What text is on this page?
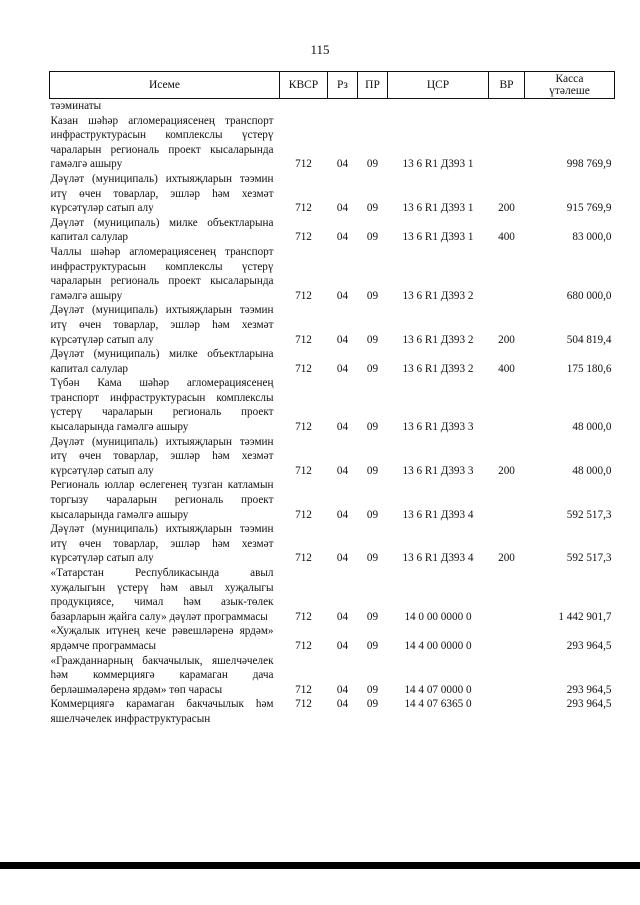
115
Исеме	КВСР	Рз	ПР	ЦСР	ВР	Касса
үтәлеше

тәэминаты						
Казан шәһәр агломерациясенең транспорт инфраструктурасын комплекслы үстерү чараларын региональ проект кысаларында гамәлгә ашыру	712	04	09	13 6 R1 Д393 1		998 769,9
Дәүләт (муниципаль) ихтыяҗларын тәэмин итү өчен товарлар, эшләр һәм хезмәт күрсәтүләр сатып алу	712	04	09	13 6 R1 Д393 1	200	915 769,9
Дәүләт (муниципаль) милке объектларына капитал салулар	712	04	09	13 6 R1 Д393 1	400	83 000,0
Чаллы шәһәр агломерациясенең транспорт инфраструктурасын комплекслы үстерү чараларын региональ проект кысаларында гамәлгә ашыру	712	04	09	13 6 R1 Д393 2		680 000,0
Дәүләт (муниципаль) ихтыяҗларын тәэмин итү өчен товарлар, эшләр һәм хезмәт күрсәтүләр сатып алу	712	04	09	13 6 R1 Д393 2	200	504 819,4
Дәүләт (муниципаль) милке объектларына капитал салулар	712	04	09	13 6 R1 Д393 2	400	175 180,6
Түбән Кама шәһәр агломерациясенең транспорт инфраструктурасын комплекслы үстерү чараларын региональ проект кысаларында гамәлгә ашыру	712	04	09	13 6 R1 Д393 3		48 000,0
Дәүләт (муниципаль) ихтыяҗларын тәэмин итү өчен товарлар, эшләр һәм хезмәт күрсәтүләр сатып алу	712	04	09	13 6 R1 Д393 3	200	48 000,0
Региональ юллар өслегенең тузган катламын торгызу чараларын региональ проект кысаларында гамәлгә ашыру	712	04	09	13 6 R1 Д393 4		592 517,3
Дәүләт (муниципаль) ихтыяҗларын тәэмин итү өчен товарлар, эшләр һәм хезмәт күрсәтүләр сатып алу	712	04	09	13 6 R1 Д393 4	200	592 517,3
«Татарстан Республикасында авыл хуҗалыгын үстерү һәм авыл хуҗалыгы продукциясе, чимал һәм азык-төлек базарларын җайга салу» дәүләт программасы	712	04	09	14 0 00 0000 0		1 442 901,7
«Хуҗалык итүнең кече рәвешләренә ярдәм» ярдәмче программасы	712	04	09	14 4 00 0000 0		293 964,5
«Гражданнарның бакчачылык, яшелчәчелек һәм коммерциягә карамаган дача берләшмәләренә ярдәм» төп чарасы	712	04	09	14 4 07 0000 0		293 964,5
Коммерциягә карамаган бакчачылык һәм яшелчәчелек инфраструктурасын	712	04	09	14 4 07 6365 0		293 964,5
